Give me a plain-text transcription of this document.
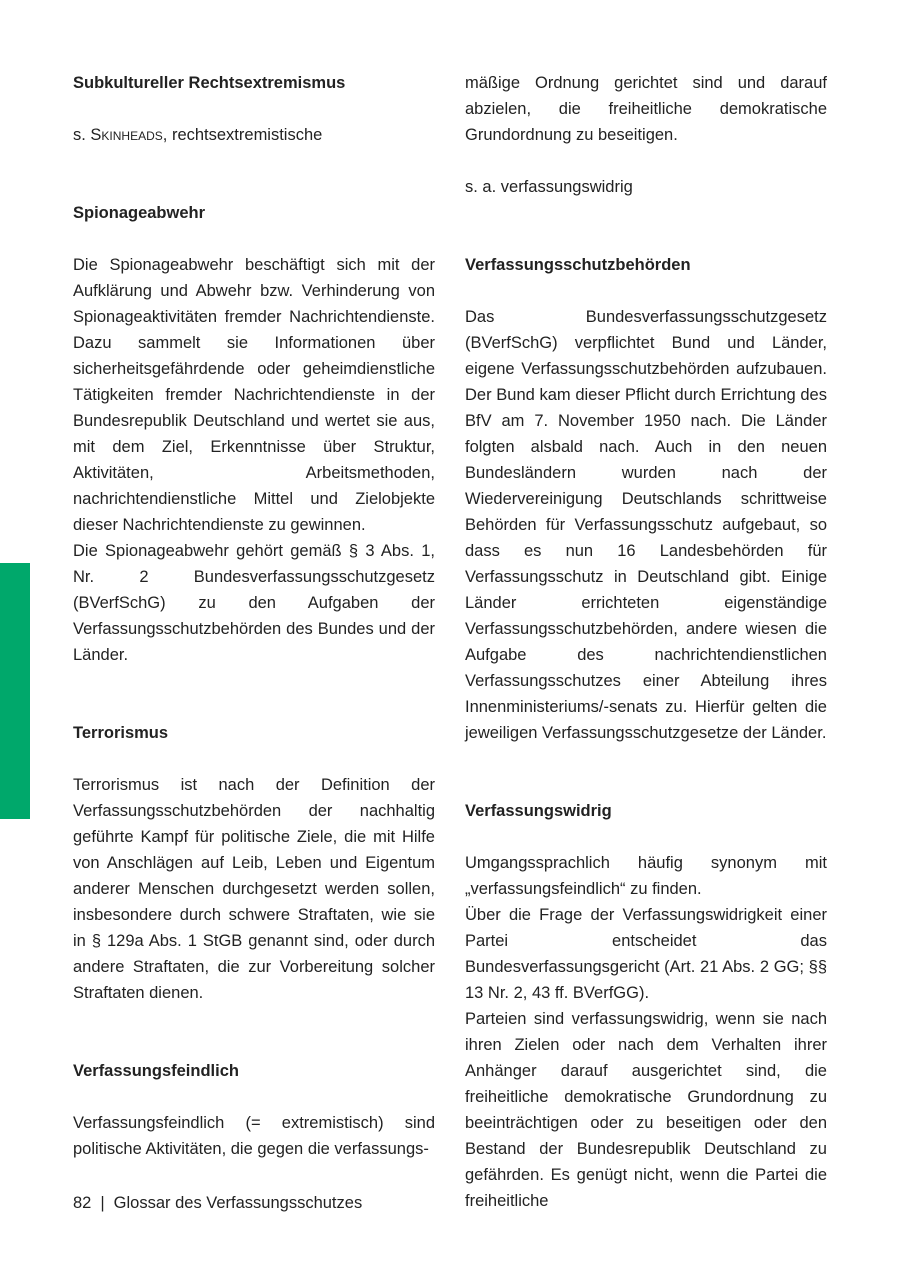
Subkultureller Rechtsextremismus

s. Skinheads, rechtsextremistische

Spionageabwehr

Die Spionageabwehr beschäftigt sich mit der Aufklärung und Abwehr bzw. Verhinderung von Spionageaktivitäten fremder Nachrichtendienste. Dazu sammelt sie Informationen über sicherheitsgefährdende oder geheimdienstliche Tätigkeiten fremder Nachrichtendienste in der Bundesrepublik Deutschland und wertet sie aus, mit dem Ziel, Erkenntnisse über Struktur, Aktivitäten, Arbeitsmethoden, nachrichtendienstliche Mittel und Zielobjekte dieser Nachrichtendienste zu gewinnen.

Die Spionageabwehr gehört gemäß § 3 Abs. 1, Nr. 2 Bundesverfassungsschutzgesetz (BVerfSchG) zu den Aufgaben der Verfassungsschutzbehörden des Bundes und der Länder.

Terrorismus

Terrorismus ist nach der Definition der Verfassungsschutzbehörden der nachhaltig geführte Kampf für politische Ziele, die mit Hilfe von Anschlägen auf Leib, Leben und Eigentum anderer Menschen durchgesetzt werden sollen, insbesondere durch schwere Straftaten, wie sie in § 129a Abs. 1 StGB genannt sind, oder durch andere Straftaten, die zur Vorbereitung solcher Straftaten dienen.

Verfassungsfeindlich

Verfassungsfeindlich (= extremistisch) sind politische Aktivitäten, die gegen die verfassungs-

mäßige Ordnung gerichtet sind und darauf abzielen, die freiheitliche demokratische Grundordnung zu beseitigen.

s. a. verfassungswidrig

Verfassungsschutzbehörden

Das Bundesverfassungsschutzgesetz (BVerfSchG) verpflichtet Bund und Länder, eigene Verfassungsschutzbehörden aufzubauen. Der Bund kam dieser Pflicht durch Errichtung des BfV am 7. November 1950 nach. Die Länder folgten alsbald nach. Auch in den neuen Bundesländern wurden nach der Wiedervereinigung Deutschlands schrittweise Behörden für Verfassungsschutz aufgebaut, so dass es nun 16 Landesbehörden für Verfassungsschutz in Deutschland gibt. Einige Länder errichteten eigenständige Verfassungsschutzbehörden, andere wiesen die Aufgabe des nachrichtendienstlichen Verfassungsschutzes einer Abteilung ihres Innenministeriums/-senats zu. Hierfür gelten die jeweiligen Verfassungsschutzgesetze der Länder.

Verfassungswidrig

Umgangssprachlich häufig synonym mit „verfassungsfeindlich“ zu finden.

Über die Frage der Verfassungswidrigkeit einer Partei entscheidet das Bundesverfassungsgericht (Art. 21 Abs. 2 GG; §§ 13 Nr. 2, 43 ff. BVerfGG).

Parteien sind verfassungswidrig, wenn sie nach ihren Zielen oder nach dem Verhalten ihrer Anhänger darauf ausgerichtet sind, die freiheitliche demokratische Grundordnung zu beeinträchtigen oder zu beseitigen oder den Bestand der Bundesrepublik Deutschland zu gefährden. Es genügt nicht, wenn die Partei die freiheitliche

82 | Glossar des Verfassungsschutzes
